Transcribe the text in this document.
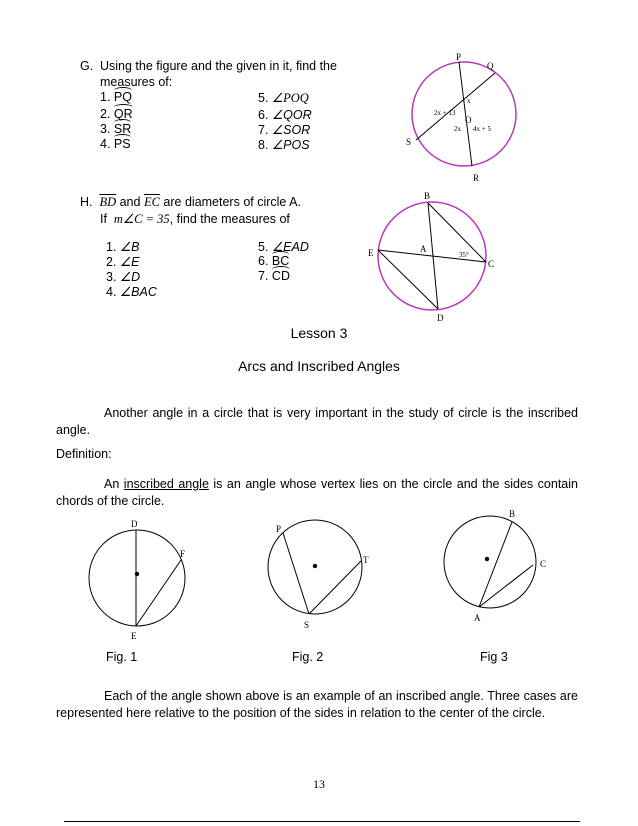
G. Using the figure and the given in it, find the
measures of:
1. PQ
2. QR
3. SR
4. PS
5. ∠POQ
6. ∠QOR
7. ∠SOR
8. ∠POS
P
Q
R
S
O
x
2x + 13
2x 4x + 5
H. $\overline{BD}$ and $\overline{EC}$ are diameters of circle A.
If m∠C = 35, find the measures of
1. ∠B
2. ∠E
3. ∠D
4. ∠BAC
5. ∠EAD
6. BC
7. CD
B
E	A
C
D
35°
Lesson 3
Arcs and Inscribed Angles
Another angle in a circle that is very important in the study of circle is the inscribed angle.
Definition:
An inscribed angle is an angle whose vertex lies on the circle and the sides contain chords of the circle.
D
F
E
P
T
S
B
C
A
Fig. 1	Fig. 2	Fig 3
Each of the angle shown above is an example of an inscribed angle. Three cases are represented here relative to the position of the sides in relation to the center of the circle.
13
